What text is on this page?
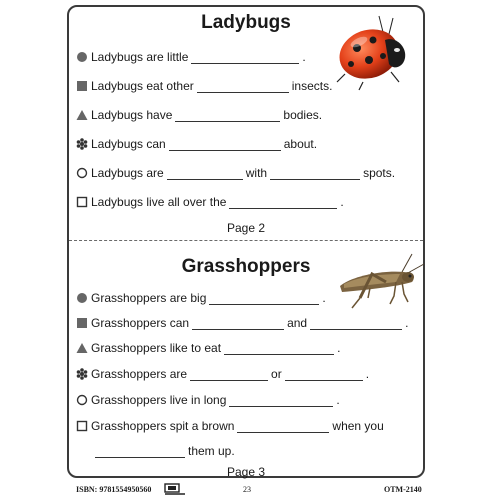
Ladybugs
Ladybugs are little	.
Ladybugs eat other	insects.
Ladybugs have	bodies.
Ladybugs can	about.
Ladybugs are	with	spots.
Ladybugs live all over the	.
Page 2
Grasshoppers
Grasshoppers are big	.
Grasshoppers can	and	.
Grasshoppers like to eat	.
Grasshoppers are	or	.
Grasshoppers live in long	.
Grasshoppers spit a brown	when you
them up.
Page 3
ISBN: 9781554950560	23	OTM-2140
